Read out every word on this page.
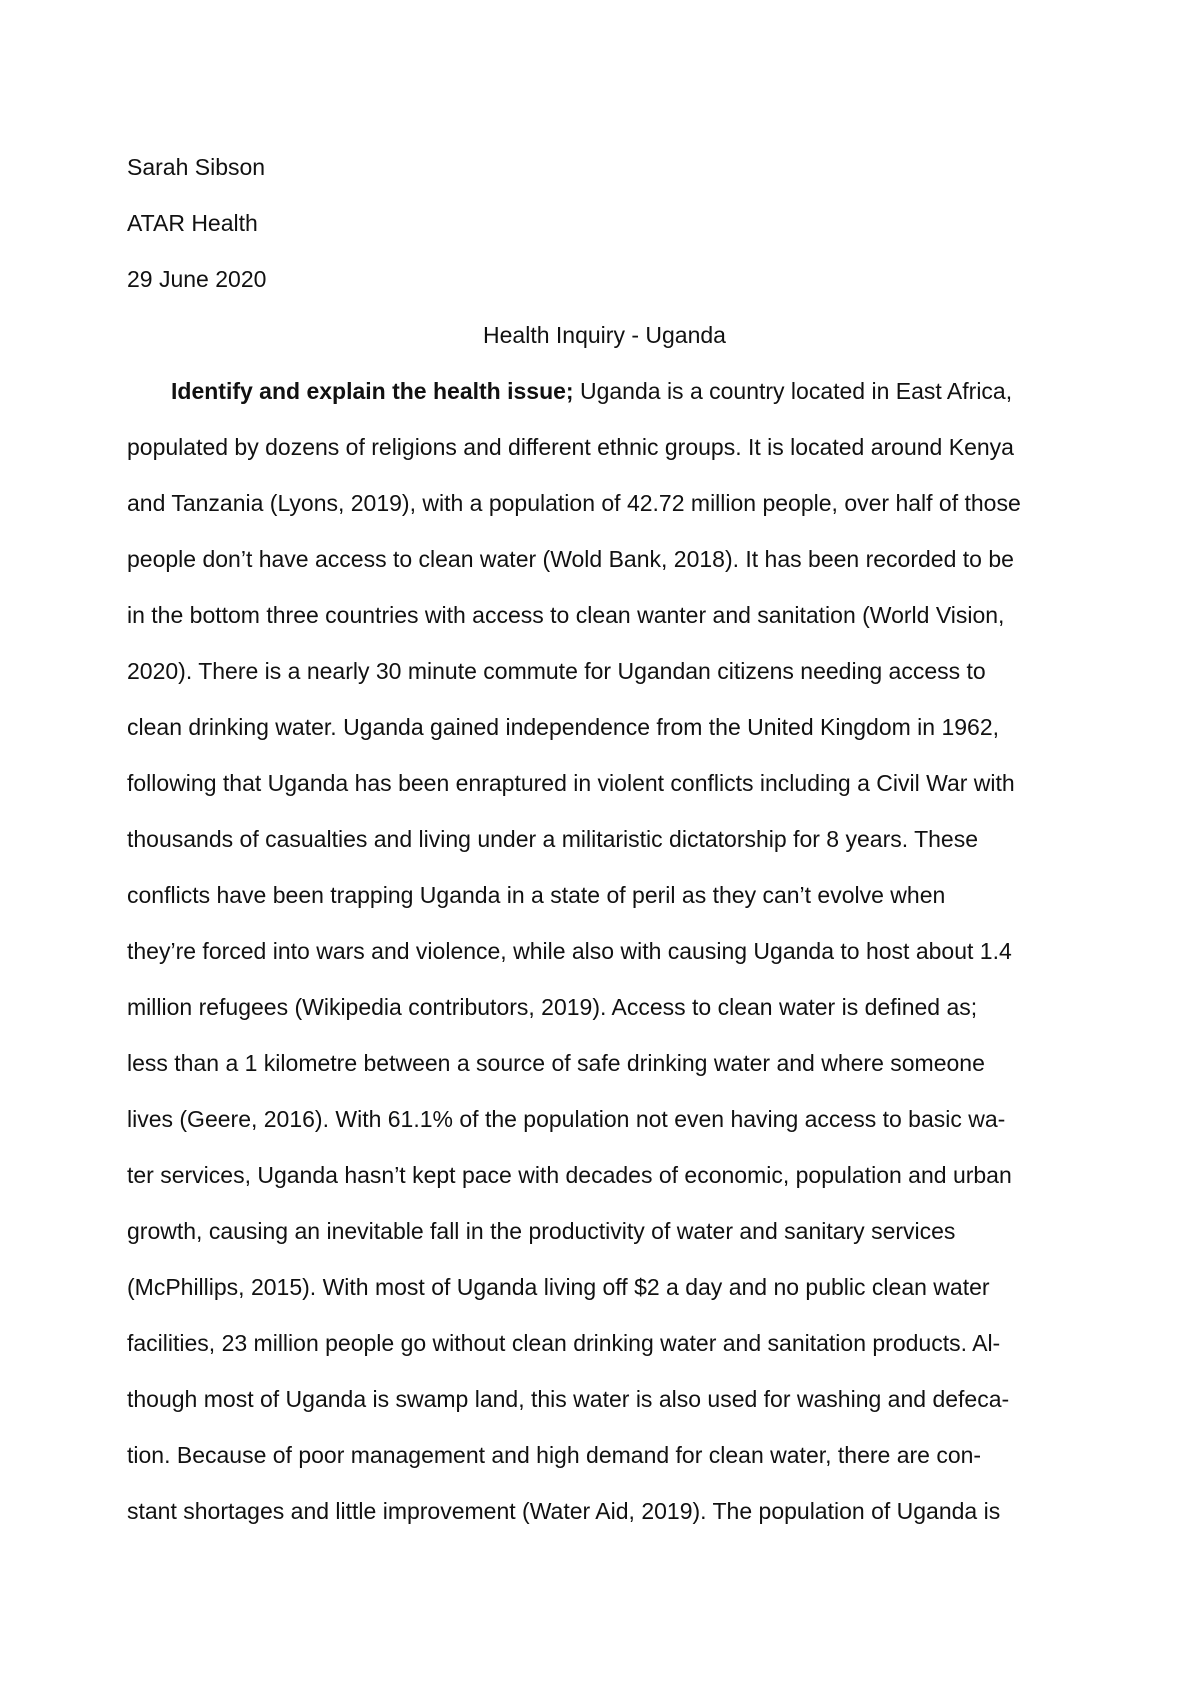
Sarah Sibson

ATAR Health

29 June 2020

Health Inquiry - Uganda

Identify and explain the health issue; Uganda is a country located in East Africa,

populated by dozens of religions and different ethnic groups. It is located around Kenya

and Tanzania (Lyons, 2019), with a population of 42.72 million people, over half of those

people don’t have access to clean water (Wold Bank, 2018). It has been recorded to be

in the bottom three countries with access to clean wanter and sanitation (World Vision,

2020). There is a nearly 30 minute commute for Ugandan citizens needing access to

clean drinking water. Uganda gained independence from the United Kingdom in 1962,

following that Uganda has been enraptured in violent conflicts including a Civil War with

thousands of casualties and living under a militaristic dictatorship for 8 years. These

conflicts have been trapping Uganda in a state of peril as they can’t evolve when

they’re forced into wars and violence, while also with causing Uganda to host about 1.4

million refugees (Wikipedia contributors, 2019). Access to clean water is defined as;

less than a 1 kilometre between a source of safe drinking water and where someone

lives (Geere, 2016). With 61.1% of the population not even having access to basic wa-

ter services, Uganda hasn’t kept pace with decades of economic, population and urban

growth, causing an inevitable fall in the productivity of water and sanitary services

(McPhillips, 2015). With most of Uganda living off $2 a day and no public clean water

facilities, 23 million people go without clean drinking water and sanitation products. Al-

though most of Uganda is swamp land, this water is also used for washing and defeca-

tion. Because of poor management and high demand for clean water, there are con-

stant shortages and little improvement (Water Aid, 2019). The population of Uganda is
